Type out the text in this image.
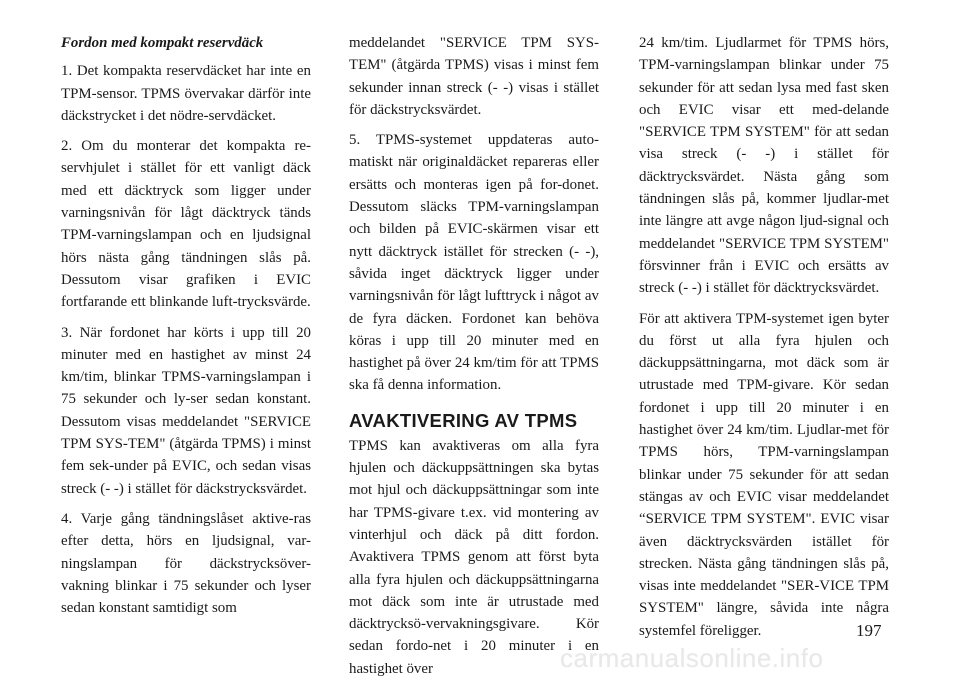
Fordon med kompakt reservdäck

1. Det kompakta reservdäcket har inte en TPM-sensor. TPMS övervakar därför inte däckstrycket i det nödre-servdäcket.

2. Om du monterar det kompakta re-servhjulet i stället för ett vanligt däck med ett däcktryck som ligger under varningsnivån för lågt däcktryck tänds TPM-varningslampan och en ljudsignal hörs nästa gång tändningen slås på. Dessutom visar grafiken i EVIC fortfarande ett blinkande luft-trycksvärde.

3. När fordonet har körts i upp till 20 minuter med en hastighet av minst 24 km/tim, blinkar TPMS-varningslampan i 75 sekunder och ly-ser sedan konstant. Dessutom visas meddelandet "SERVICE TPM SYS-TEM" (åtgärda TPMS) i minst fem sek-under på EVIC, och sedan visas streck (- -) i stället för däckstrycksvärdet.

4. Varje gång tändningslåset aktive-ras efter detta, hörs en ljudsignal, var-ningslampan för däckstrycksöver-vakning blinkar i 75 sekunder och lyser sedan konstant samtidigt som

meddelandet "SERVICE TPM SYS-TEM" (åtgärda TPMS) visas i minst fem sekunder innan streck (- -) visas i stället för däckstrycksvärdet.

5. TPMS-systemet uppdateras auto-matiskt när originaldäcket repareras eller ersätts och monteras igen på for-donet. Dessutom släcks TPM-varningslampan och bilden på EVIC-skärmen visar ett nytt däcktryck istället för strecken (- -), såvida inget däcktryck ligger under varningsnivån för lågt lufttryck i något av de fyra däcken. Fordonet kan behöva köras i upp till 20 minuter med en hastighet på över 24 km/tim för att TPMS ska få denna information.

AVAKTIVERING AV TPMS

TPMS kan avaktiveras om alla fyra hjulen och däckuppsättningen ska bytas mot hjul och däckuppsättningar som inte har TPMS-givare t.ex. vid montering av vinterhjul och däck på ditt fordon. Avaktivera TPMS genom att först byta alla fyra hjulen och däckuppsättningarna mot däck som inte är utrustade med däcktrycksö-vervakningsgivare. Kör sedan fordo-net i 20 minuter i en hastighet över

24 km/tim. Ljudlarmet för TPMS hörs, TPM-varningslampan blinkar under 75 sekunder för att sedan lysa med fast sken och EVIC visar ett med-delande "SERVICE TPM SYSTEM" för att sedan visa streck (- -) i stället för däcktrycksvärdet. Nästa gång som tändningen slås på, kommer ljudlar-met inte längre att avge någon ljud-signal och meddelandet "SERVICE TPM SYSTEM" försvinner från i EVIC och ersätts av streck (- -) i stället för däcktrycksvärdet.

För att aktivera TPM-systemet igen byter du först ut alla fyra hjulen och däckuppsättningarna, mot däck som är utrustade med TPM-givare. Kör sedan fordonet i upp till 20 minuter i en hastighet över 24 km/tim. Ljudlar-met för TPMS hörs, TPM-varningslampan blinkar under 75 sekunder för att sedan stängas av och EVIC visar meddelandet “SERVICE TPM SYSTEM". EVIC visar även däcktrycksvärden istället för strecken. Nästa gång tändningen slås på, visas inte meddelandet "SER-VICE TPM SYSTEM" längre, såvida inte några systemfel föreligger.	197
carmanualsonline.info
